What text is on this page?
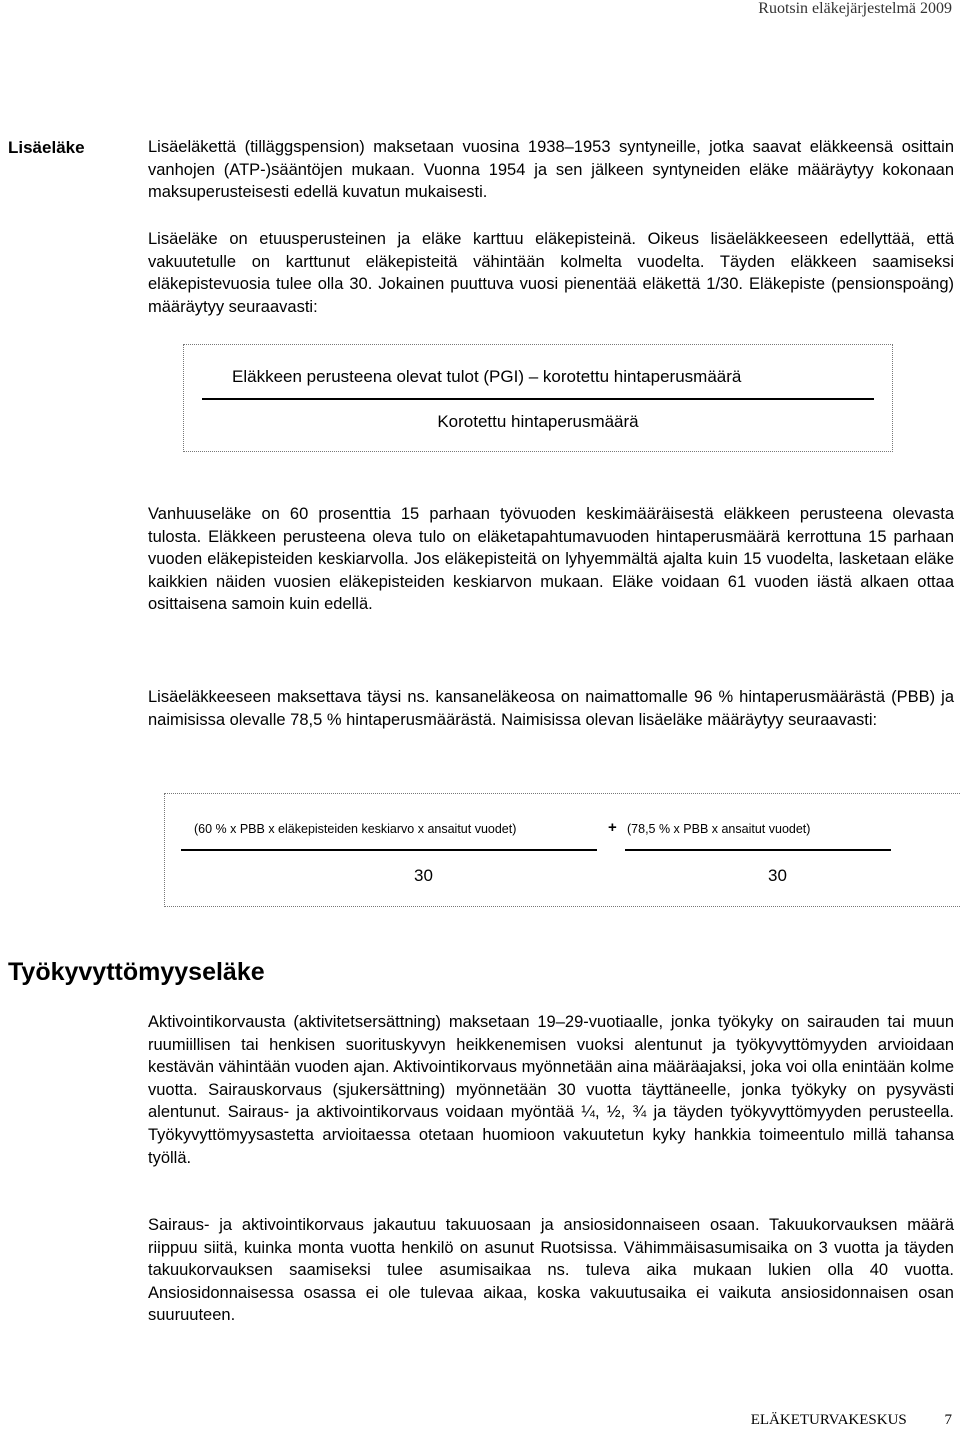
Ruotsin eläkejärjestelmä 2009
Lisäeläke	Lisäeläkettä (tilläggspension) maksetaan vuosina 1938–1953 syntyneille, jotka saavat eläkkeensä osittain vanhojen (ATP-)sääntöjen mukaan. Vuonna 1954 ja sen jälkeen syntyneiden eläke määräytyy kokonaan maksuperusteisesti edellä kuvatun mukaisesti.

Lisäeläke on etuusperusteinen ja eläke karttuu eläkepisteinä. Oikeus lisäeläkkeeseen edellyttää, että vakuutetulle on karttunut eläkepisteitä vähintään kolmelta vuodelta. Täyden eläkkeen saamiseksi eläkepistevuosia tulee olla 30. Jokainen puuttuva vuosi pienentää eläkettä 1/30. Eläkepiste (pensionspoäng) määräytyy seuraavasti:

Eläkkeen perusteena olevat tulot (PGI) – korotettu hintaperusmäärä
Korotettu hintaperusmäärä

Vanhuuseläke on 60 prosenttia 15 parhaan työvuoden keskimääräisestä eläkkeen perusteena olevasta tulosta. Eläkkeen perusteena oleva tulo on eläketapahtumavuoden hintaperusmäärä kerrottuna 15 parhaan vuoden eläkepisteiden keskiarvolla. Jos eläkepisteitä on lyhyemmältä ajalta kuin 15 vuodelta, lasketaan eläke kaikkien näiden vuosien eläkepisteiden keskiarvon mukaan. Eläke voidaan 61 vuoden iästä alkaen ottaa osittaisena samoin kuin edellä.

Lisäeläkkeeseen maksettava täysi ns. kansaneläkeosa on naimattomalle 96 % hintaperusmäärästä (PBB) ja naimisissa olevalle 78,5 % hintaperusmäärästä. Naimisissa olevan lisäeläke määräytyy seuraavasti:

(60 % x PBB x eläkepisteiden keskiarvo x ansaitut vuodet)	+ (78,5 % x PBB x ansaitut vuodet)
30	30
Työkyvyttömyyseläke

Aktivointikorvausta (aktivitetsersättning) maksetaan 19–29-vuotiaalle, jonka työkyky on sairauden tai muun ruumiillisen tai henkisen suorituskyvyn heikkenemisen vuoksi alentunut ja työkyvyttömyyden arvioidaan kestävän vähintään vuoden ajan. Aktivointikorvaus myönnetään aina määräajaksi, joka voi olla enintään kolme vuotta. Sairauskorvaus (sjukersättning) myönnetään 30 vuotta täyttäneelle, jonka työkyky on pysyvästi alentunut. Sairaus- ja aktivointikorvaus voidaan myöntää ¼, ½, ¾ ja täyden työkyvyttömyyden perusteella. Työkyvyttömyysastetta arvioitaessa otetaan huomioon vakuutetun kyky hankkia toimeentulo millä tahansa työllä.

Sairaus- ja aktivointikorvaus jakautuu takuuosaan ja ansiosidonnaiseen osaan. Takuukorvauksen määrä riippuu siitä, kuinka monta vuotta henkilö on asunut Ruotsissa. Vähimmäisasumisaika on 3 vuotta ja täyden takuukorvauksen saamiseksi tulee asumisaikaa ns. tuleva aika mukaan lukien olla 40 vuotta. Ansiosidonnaisessa osassa ei ole tulevaa aikaa, koska vakuutusaika ei vaikuta ansiosidonnaisen osan suuruuteen.

ELÄKETURVAKESKUS	7
